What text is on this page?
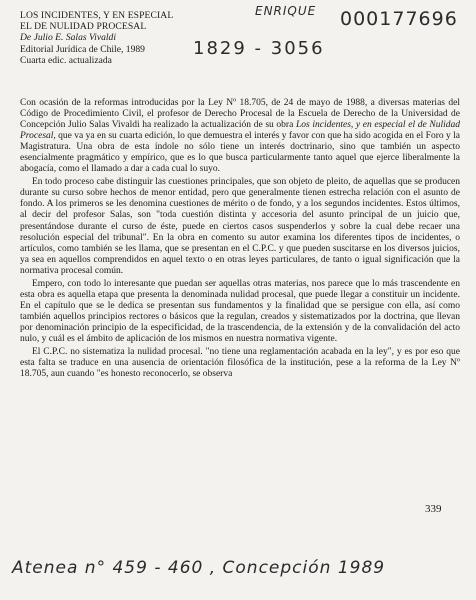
LOS INCIDENTES, Y EN ESPECIAL
EL DE NULIDAD PROCESAL
De Julio E. Salas Vivaldi
Editorial Jurídica de Chile, 1989
Cuarta edic. actualizada
ENRIQUE 000177696
1829 - 3056

Con ocasión de la reformas introducidas por la Ley Nº 18.705, de 24 de mayo de 1988, a diversas materias del Código de Procedimiento Civil, el profesor de Derecho Procesal de la Escuela de Derecho de la Universidad de Concepción Julio Salas Vivaldi ha realizado la actualización de su obra Los incidentes, y en especial el de Nulidad Procesal, que va ya en su cuarta edición, lo que demuestra el interés y favor con que ha sido acogida en el Foro y la Magistratura. Una obra de esta índole no sólo tiene un interés doctrinario, sino que también un aspecto esencialmente pragmático y empírico, que es lo que busca particularmente tanto aquel que ejerce liberalmente la abogacía, como el llamado a dar a cada cual lo suyo.

En todo proceso cabe distinguir las cuestiones principales, que son objeto de pleito, de aquellas que se producen durante su curso sobre hechos de menor entidad, pero que generalmente tienen estrecha relación con el asunto de fondo. A los primeros se les denomina cuestiones de mérito o de fondo, y a los segundos incidentes. Estos últimos, al decir del profesor Salas, son "toda cuestión distinta y accesoria del asunto principal de un juicio que, presentándose durante el curso de éste, puede en ciertos casos suspenderlos y sobre la cual debe recaer una resolución especial del tribunal". En la obra en comento su autor examina los diferentes tipos de incidentes, o artículos, como también se les llama, que se presentan en el C.P.C. y que pueden suscitarse en los diversos juicios, ya sea en aquellos comprendidos en aquel texto o en otras leyes particulares, de tanto o igual significación que la normativa procesal común.

Empero, con todo lo interesante que puedan ser aquellas otras materias, nos parece que lo más trascendente en esta obra es aquella etapa que presenta la denominada nulidad procesal, que puede llegar a constituir un incidente. En el capítulo que se le dedica se presentan sus fundamentos y la finalidad que se persigue con ella, así como también aquellos principios rectores o básicos que la regulan, creados y sistematizados por la doctrina, que llevan por denominación principio de la especificidad, de la trascendencia, de la extensión y de la convalidación del acto nulo, y cuál es el ámbito de aplicación de los mismos en nuestra normativa vigente.

El C.P.C. no sistematiza la nulidad procesal. "no tiene una reglamentación acabada en la ley", y es por eso que esta falta se traduce en una ausencia de orientación filosófica de la institución, pese a la reforma de la Ley Nº 18.705, aun cuando "es honesto reconocerlo, se observa

339
Atenea n° 459 - 460 , Concepción 1989
